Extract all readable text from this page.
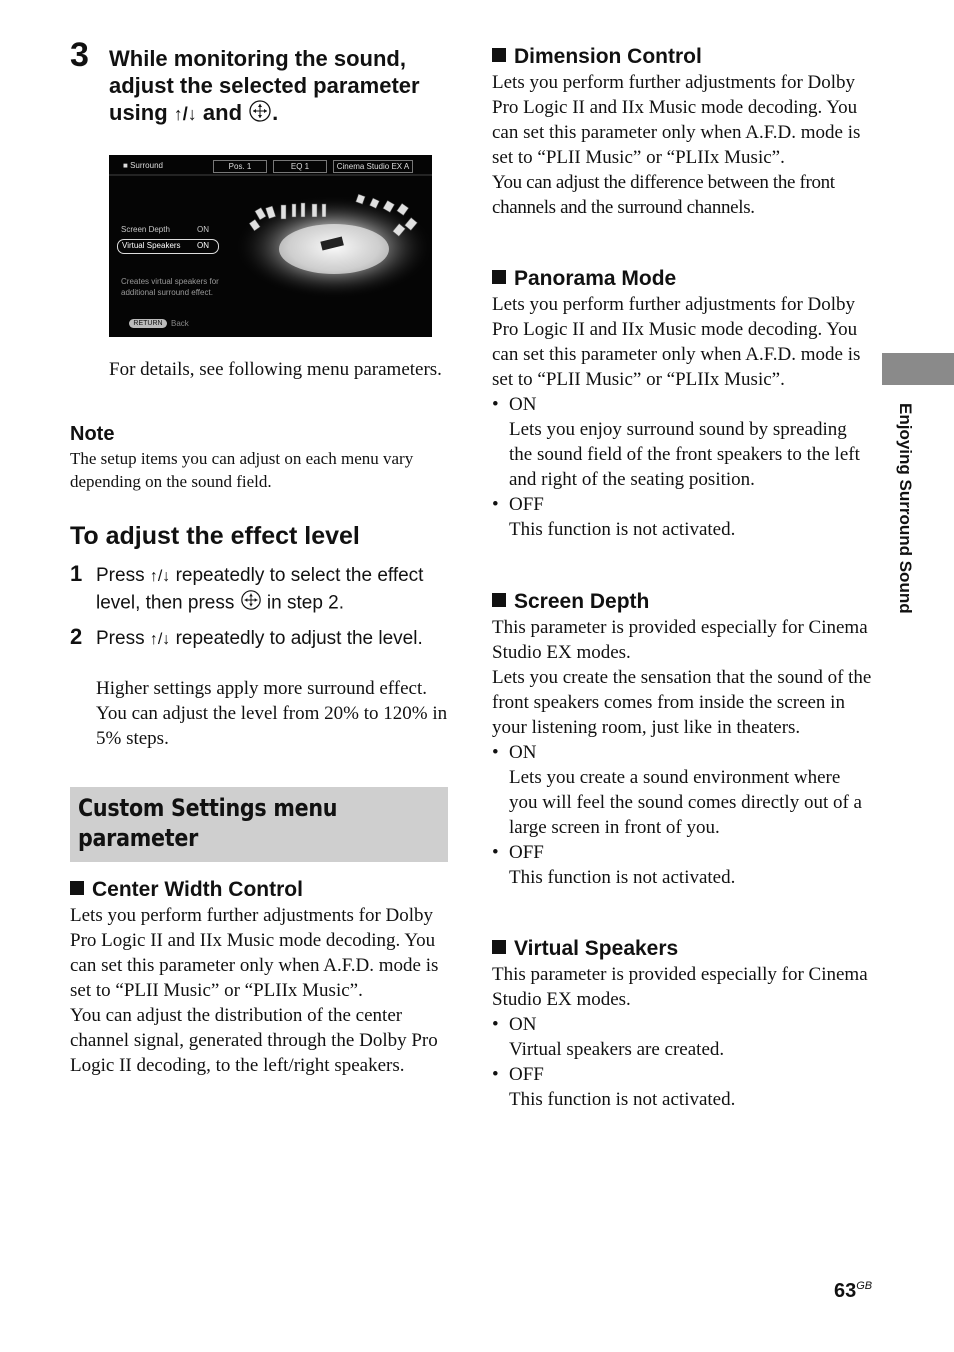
3 While monitoring the sound,
adjust the selected parameter
using ↑/↓ and .
■ Surround	Pos. 1	EQ 1	Cinema Studio EX A
Screen Depth	ON
Virtual Speakers ON
Creates virtual speakers for
additional surround effect.
RETURN	Back
For details, see following menu parameters.
Note
The setup items you can adjust on each menu vary depending on the sound field.
To adjust the effect level
1 Press ↑/↓ repeatedly to select the effect level, then press  in step 2.
2 Press ↑/↓ repeatedly to adjust the level.
Higher settings apply more surround effect. You can adjust the level from 20% to 120% in 5% steps.
Custom Settings menu
parameter
Center Width Control
Lets you perform further adjustments for Dolby Pro Logic II and IIx Music mode decoding. You can set this parameter only when A.F.D. mode is set to “PLII Music” or “PLIIx Music”.
You can adjust the distribution of the center channel signal, generated through the Dolby Pro Logic II decoding, to the left/right speakers.
Dimension Control
Lets you perform further adjustments for Dolby Pro Logic II and IIx Music mode decoding. You can set this parameter only when A.F.D. mode is set to “PLII Music” or “PLIIx Music”.
You can adjust the difference between the front channels and the surround channels.
Panorama Mode
Lets you perform further adjustments for Dolby Pro Logic II and IIx Music mode decoding. You can set this parameter only when A.F.D. mode is set to “PLII Music” or “PLIIx Music”.
• ON
Lets you enjoy surround sound by spreading the sound field of the front speakers to the left and right of the seating position.
• OFF
This function is not activated.
Screen Depth
This parameter is provided especially for Cinema Studio EX modes.
Lets you create the sensation that the sound of the front speakers comes from inside the screen in your listening room, just like in theaters.
• ON
Lets you create a sound environment where you will feel the sound comes directly out of a large screen in front of you.
• OFF
This function is not activated.
Virtual Speakers
This parameter is provided especially for Cinema Studio EX modes.
• ON
Virtual speakers are created.
• OFF
This function is not activated.
Enjoying Surround Sound
$63^{GB}$
